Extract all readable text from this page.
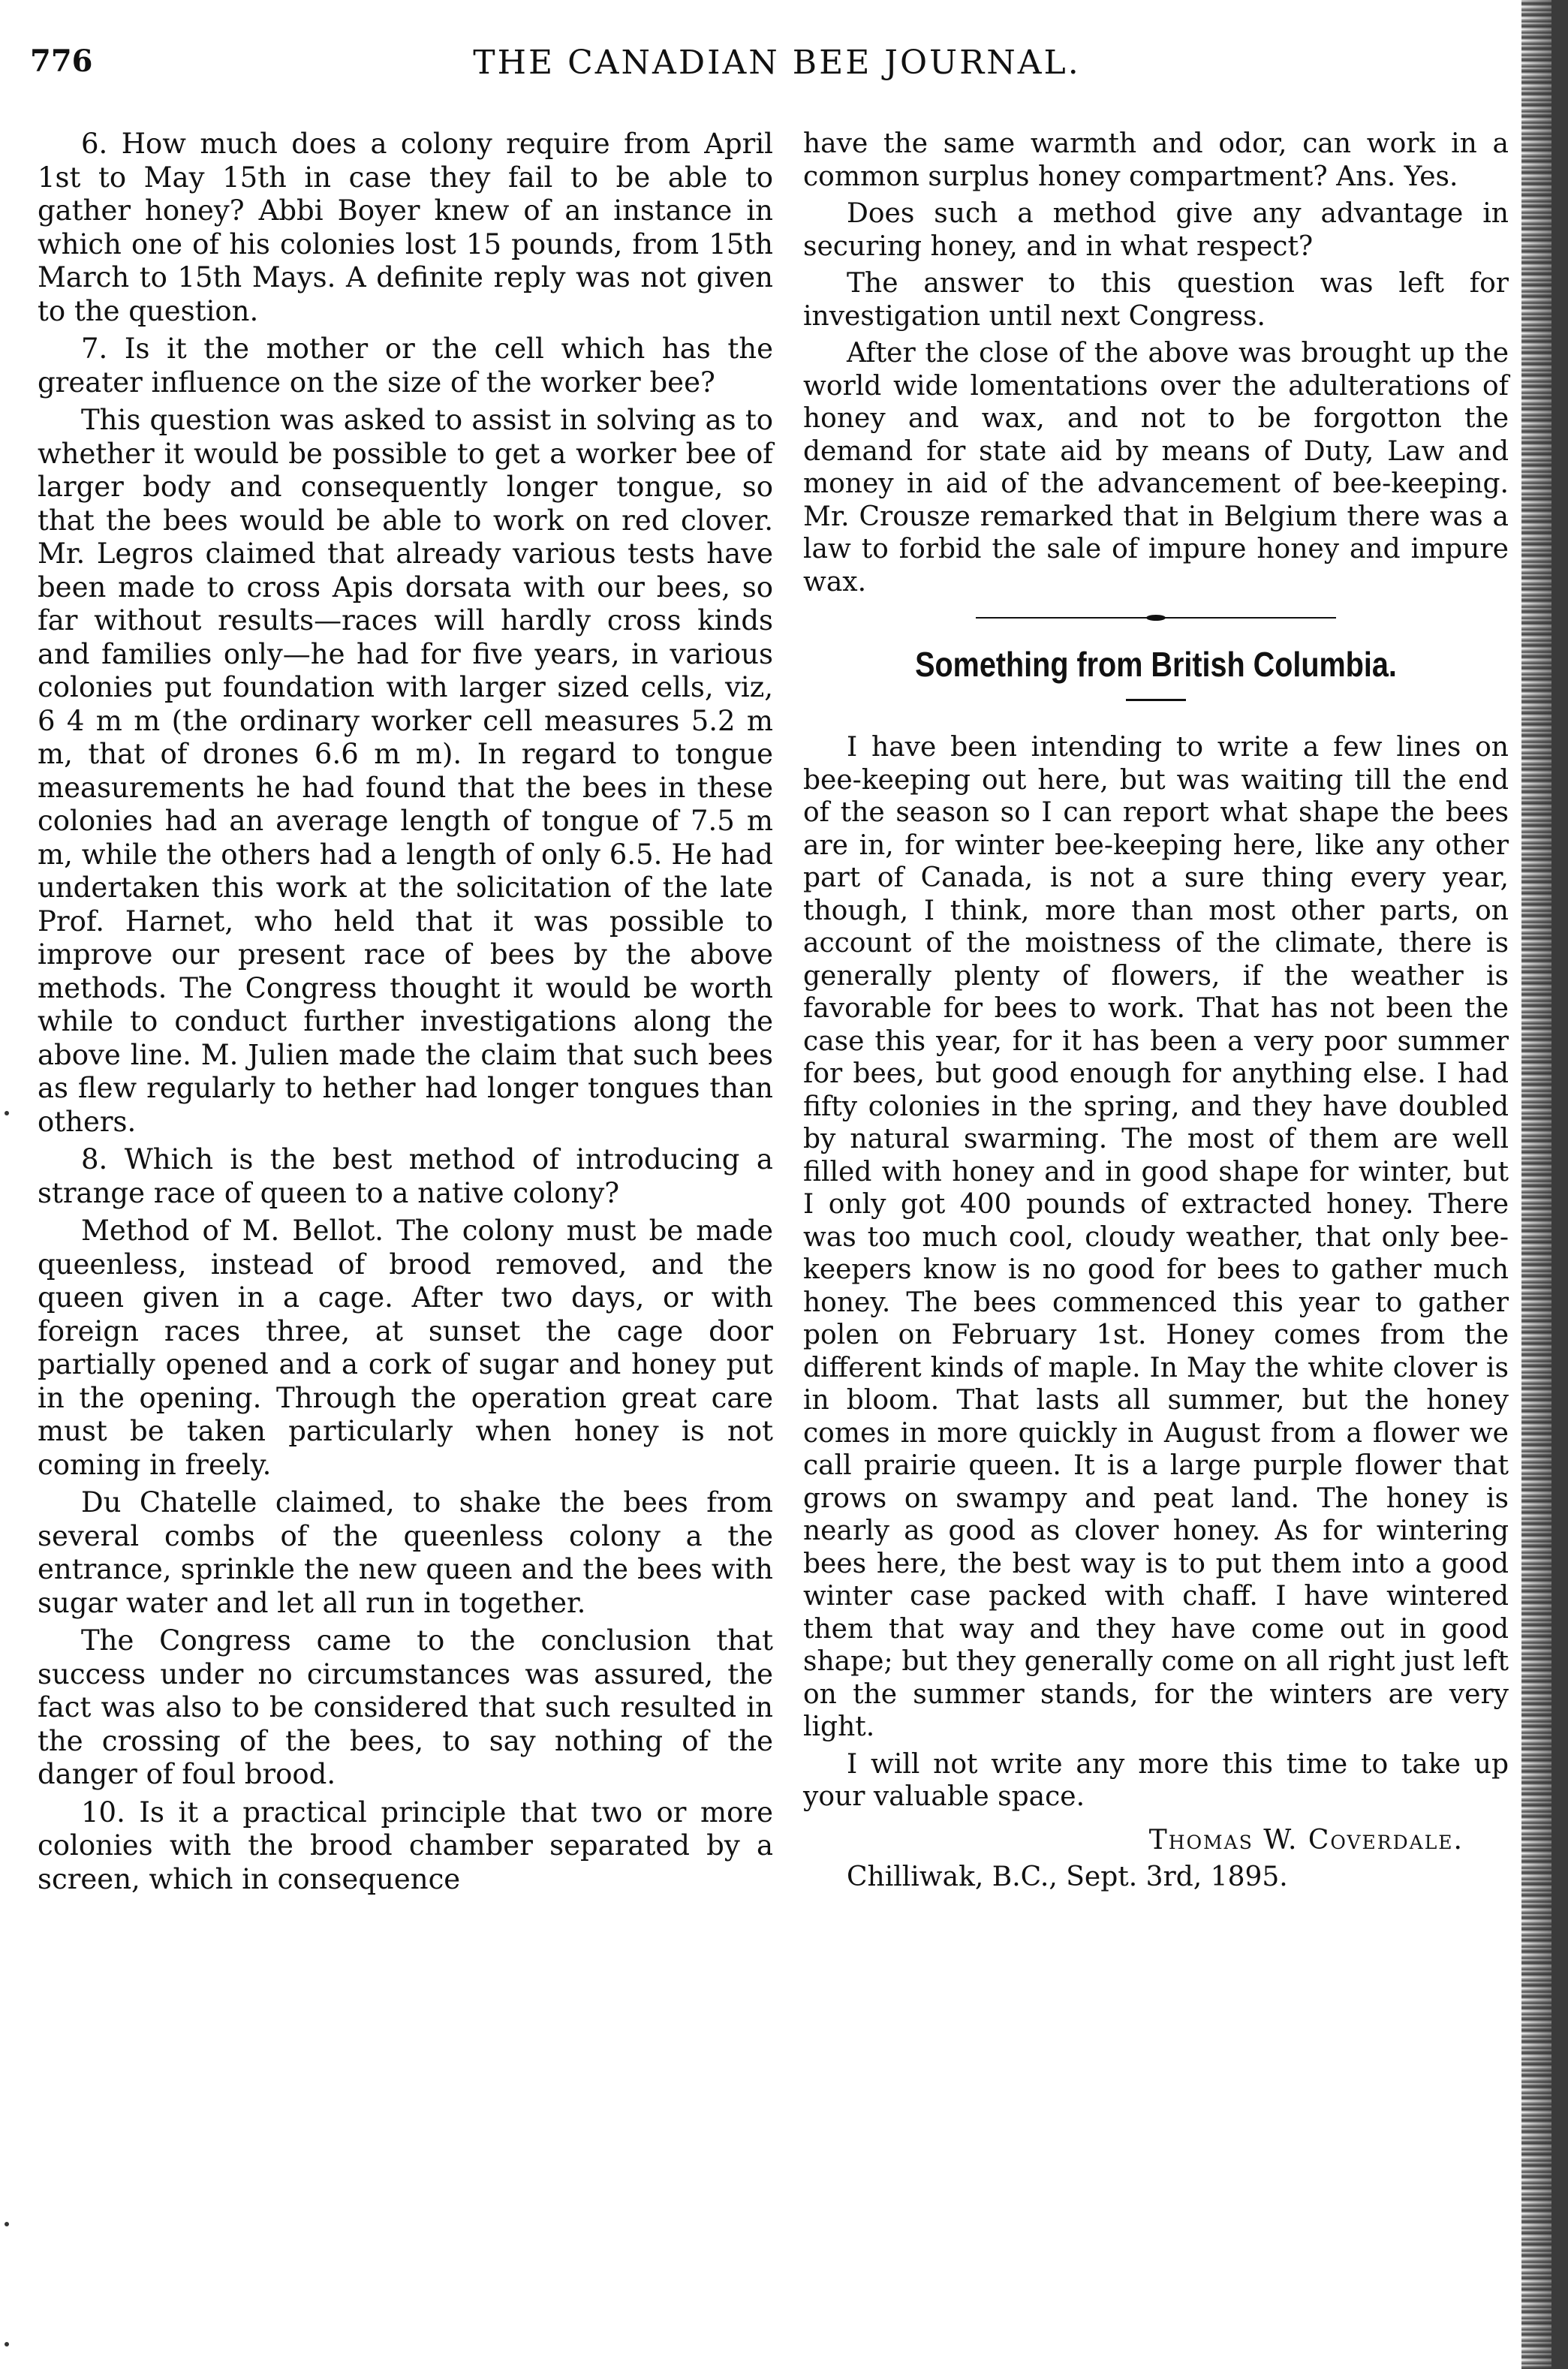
776	THE CANADIAN BEE JOURNAL.

6. How much does a colony require from April 1st to May 15th in case they fail to be able to gather honey? Abbi Boyer knew of an instance in which one of his colonies lost 15 pounds, from 15th March to 15th Mays. A definite reply was not given to the question.

7. Is it the mother or the cell which has the greater influence on the size of the worker bee?

This question was asked to assist in solving as to whether it would be possible to get a worker bee of larger body and consequently longer tongue, so that the bees would be able to work on red clover. Mr. Legros claimed that already various tests have been made to cross Apis dorsata with our bees, so far without results—races will hardly cross kinds and families only—he had for five years, in various colonies put foundation with larger sized cells, viz, 6 4 m m (the ordinary worker cell measures 5.2 m m, that of drones 6.6 m m). In regard to tongue measurements he had found that the bees in these colonies had an average length of tongue of 7.5 m m, while the others had a length of only 6.5. He had undertaken this work at the solicitation of the late Prof. Harnet, who held that it was possible to improve our present race of bees by the above methods. The Congress thought it would be worth while to conduct further investigations along the above line. M. Julien made the claim that such bees as flew regularly to hether had longer tongues than others.

8. Which is the best method of introducing a strange race of queen to a native colony?

Method of M. Bellot. The colony must be made queenless, instead of brood removed, and the queen given in a cage. After two days, or with foreign races three, at sunset the cage door partially opened and a cork of sugar and honey put in the opening. Through the operation great care must be taken particularly when honey is not coming in freely.

Du Chatelle claimed, to shake the bees from several combs of the queenless colony a the entrance, sprinkle the new queen and the bees with sugar water and let all run in together.

The Congress came to the conclusion that success under no circumstances was assured, the fact was also to be considered that such resulted in the crossing of the bees, to say nothing of the danger of foul brood.

10. Is it a practical principle that two or more colonies with the brood chamber separated by a screen, which in consequence

have the same warmth and odor, can work in a common surplus honey compartment? Ans. Yes.

Does such a method give any advantage in securing honey, and in what respect?

The answer to this question was left for investigation until next Congress.

After the close of the above was brought up the world wide lomentations over the adulterations of honey and wax, and not to be forgotton the demand for state aid by means of Duty, Law and money in aid of the advancement of bee-keeping. Mr. Crousze remarked that in Belgium there was a law to forbid the sale of impure honey and impure wax.

Something from British Columbia.

I have been intending to write a few lines on bee-keeping out here, but was waiting till the end of the season so I can report what shape the bees are in, for winter bee-keeping here, like any other part of Canada, is not a sure thing every year, though, I think, more than most other parts, on account of the moistness of the climate, there is generally plenty of flowers, if the weather is favorable for bees to work. That has not been the case this year, for it has been a very poor summer for bees, but good enough for anything else. I had fifty colonies in the spring, and they have doubled by natural swarming. The most of them are well filled with honey and in good shape for winter, but I only got 400 pounds of extracted honey. There was too much cool, cloudy weather, that only bee-keepers know is no good for bees to gather much honey. The bees commenced this year to gather polen on February 1st. Honey comes from the different kinds of maple. In May the white clover is in bloom. That lasts all summer, but the honey comes in more quickly in August from a flower we call prairie queen. It is a large purple flower that grows on swampy and peat land. The honey is nearly as good as clover honey. As for wintering bees here, the best way is to put them into a good winter case packed with chaff. I have wintered them that way and they have come out in good shape; but they generally come on all right just left on the summer stands, for the winters are very light.

I will not write any more this time to take up your valuable space.

Thomas W. Coverdale.

Chilliwak, B.C., Sept. 3rd, 1895.
